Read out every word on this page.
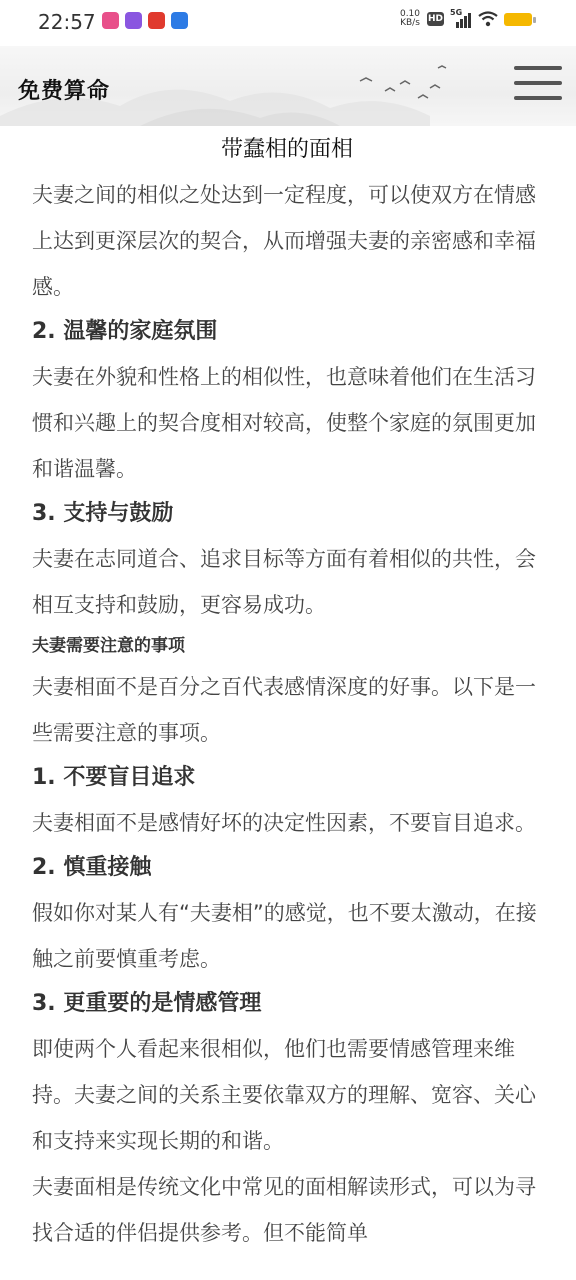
22:57	0.10
KB/s HD
5G
免费算命
带蠢相的面相

夫妻之间的相似之处达到一定程度，可以使双方在情感上达到更深层次的契合，从而增强夫妻的亲密感和幸福感。

2. 温馨的家庭氛围

夫妻在外貌和性格上的相似性，也意味着他们在生活习惯和兴趣上的契合度相对较高，使整个家庭的氛围更加和谐温馨。

3. 支持与鼓励

夫妻在志同道合、追求目标等方面有着相似的共性，会相互支持和鼓励，更容易成功。

夫妻需要注意的事项

夫妻相面不是百分之百代表感情深度的好事。以下是一些需要注意的事项。

1. 不要盲目追求

夫妻相面不是感情好坏的决定性因素，不要盲目追求。

2. 慎重接触

假如你对某人有“夫妻相”的感觉，也不要太激动，在接触之前要慎重考虑。

3. 更重要的是情感管理

即使两个人看起来很相似，他们也需要情感管理来维持。夫妻之间的关系主要依靠双方的理解、宽容、关心和支持来实现长期的和谐。

夫妻面相是传统文化中常见的面相解读形式，可以为寻找合适的伴侣提供参考。但不能简单
